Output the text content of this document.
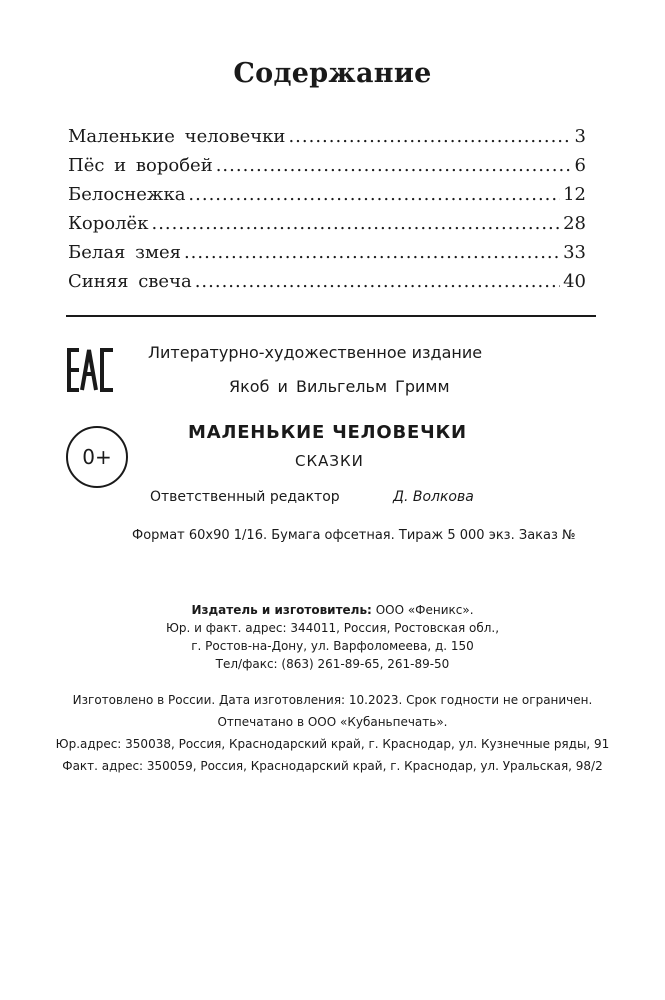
Содержание
Маленькие человечки .....	3
Пёс и воробей .....	6
Белоснежка .....	12
Королёк .....	28
Белая змея .....	33
Синяя свеча .....	40
0+
Литературно-художественное издание
Якоб и Вильгельм Гримм
МАЛЕНЬКИЕ ЧЕЛОВЕЧКИ
СКАЗКИ
Ответственный редактор	Д. Волкова
Формат 60х90 1/16. Бумага офсетная. Тираж 5 000 экз. Заказ №
Издатель и изготовитель: ООО «Феникс».
Юр. и факт. адрес: 344011, Россия, Ростовская обл.,
г. Ростов-на-Дону, ул. Варфоломеева, д. 150
Тел/факс: (863) 261-89-65, 261-89-50
Изготовлено в России. Дата изготовления: 10.2023. Срок годности не ограничен.
Отпечатано в ООО «Кубаньпечать».
Юр.адрес: 350038, Россия, Краснодарский край, г. Краснодар, ул. Кузнечные ряды, 91
Факт. адрес: 350059, Россия, Краснодарский край, г. Краснодар, ул. Уральская, 98/2
